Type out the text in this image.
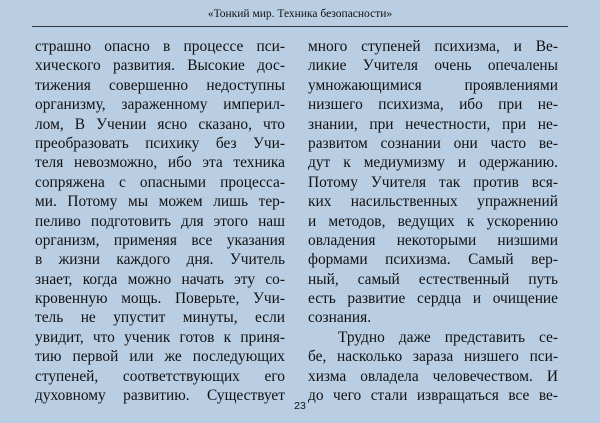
«Тонкий мир. Техника безопасности»
страшно опасно в процессе пси-
хического развития. Высокие дос-
тижения совершенно недоступны
организму, зараженному империл-
лом, В Учении ясно сказано, что
преобразовать психику без Учи-
теля невозможно, ибо эта техника
сопряжена с опасными процесса-
ми. Потому мы можем лишь тер-
пеливо подготовить для этого наш
организм, применяя все указания
в жизни каждого дня. Учитель
знает, когда можно начать эту со-
кровенную мощь. Поверьте, Учи-
тель не упустит минуты, если
увидит, что ученик готов к приня-
тию первой или же последующих
ступеней, соответствующих его
духовному развитию. Существует
много ступеней психизма, и Ве-
ликие Учителя очень опечалены
умножающимися проявлениями
низшего психизма, ибо при не-
знании, при нечестности, при не-
развитом сознании они часто ве-
дут к медиумизму и одержанию.
Потому Учителя так против вся-
ких насильственных упражнений
и методов, ведущих к ускорению
овладения некоторыми низшими
формами психизма. Самый вер-
ный, самый естественный путь
есть развитие сердца и очищение
сознания.
Трудно даже представить се-
бе, насколько зараза низшего пси-
хизма овладела человечеством. И
до чего стали извращаться все ве-
23
